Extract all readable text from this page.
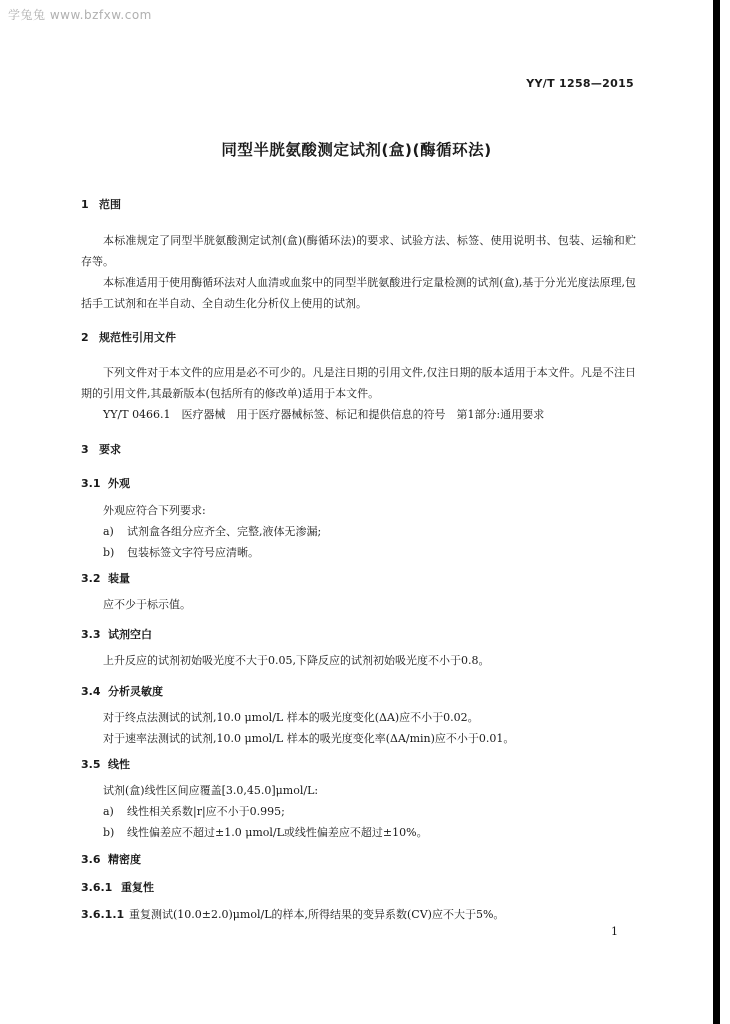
学兔兔 www.bzfxw.com
YY/T 1258—2015
同型半胱氨酸测定试剂(盒)(酶循环法)
1 范围
本标准规定了同型半胱氨酸测定试剂(盒)(酶循环法)的要求、试验方法、标签、使用说明书、包装、运输和贮存等。
本标准适用于使用酶循环法对人血清或血浆中的同型半胱氨酸进行定量检测的试剂(盒),基于分光光度法原理,包括手工试剂和在半自动、全自动生化分析仪上使用的试剂。
2 规范性引用文件
下列文件对于本文件的应用是必不可少的。凡是注日期的引用文件,仅注日期的版本适用于本文件。凡是不注日期的引用文件,其最新版本(包括所有的修改单)适用于本文件。
YY/T 0466.1　医疗器械　用于医疗器械标签、标记和提供信息的符号　第1部分:通用要求
3 要求
3.1 外观
外观应符合下列要求:
a) 试剂盒各组分应齐全、完整,液体无渗漏;
b) 包装标签文字符号应清晰。
3.2 装量
应不少于标示值。
3.3 试剂空白
上升反应的试剂初始吸光度不大于0.05,下降反应的试剂初始吸光度不小于0.8。
3.4 分析灵敏度
对于终点法测试的试剂,10.0 μmol/L 样本的吸光度变化(ΔA)应不小于0.02。
对于速率法测试的试剂,10.0 μmol/L 样本的吸光度变化率(ΔA/min)应不小于0.01。
3.5 线性
试剂(盒)线性区间应覆盖[3.0,45.0]μmol/L:
a) 线性相关系数|r|应不小于0.995;
b) 线性偏差应不超过±1.0 μmol/L或线性偏差应不超过±10%。
3.6 精密度
3.6.1 重复性
3.6.1.1 重复测试(10.0±2.0)μmol/L的样本,所得结果的变异系数(CV)应不大于5%。
1
